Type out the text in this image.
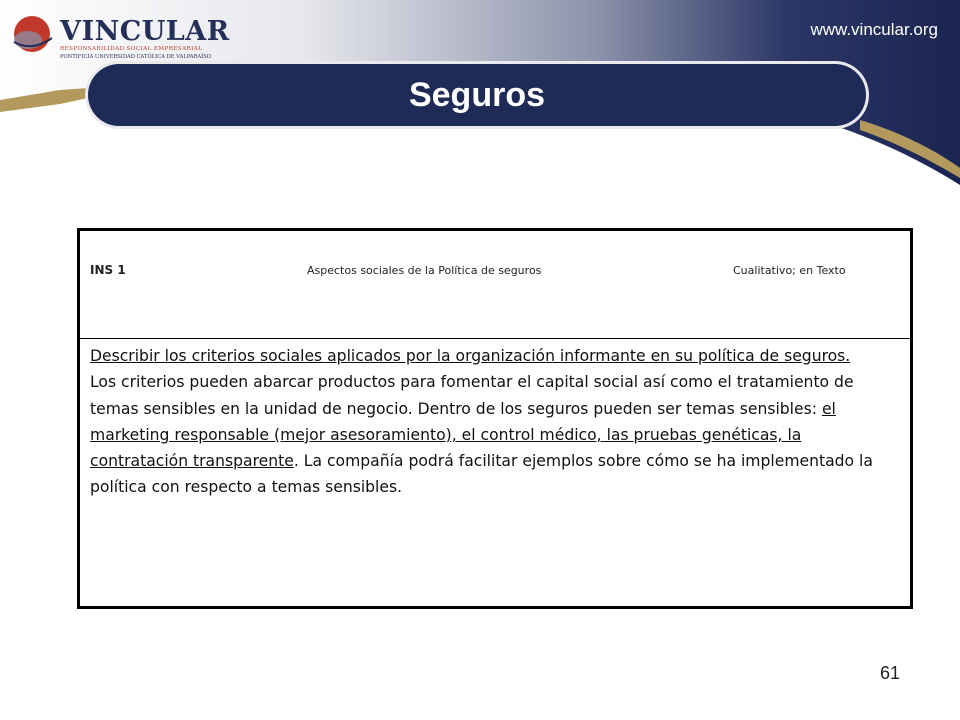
VINCULAR
RESPONSABILIDAD SOCIAL EMPRESARIAL
PONTIFICIA UNIVERSIDAD CATÓLICA DE VALPARAÍSO
www.vincular.org
Seguros
INS 1	Aspectos sociales de la Política de seguros	Cualitativo; en Texto

Describir los criterios sociales aplicados por la organización informante en su política de seguros.

Los criterios pueden abarcar productos para fomentar el capital social así como el tratamiento de temas sensibles en la unidad de negocio. Dentro de los seguros pueden ser temas sensibles: el marketing responsable (mejor asesoramiento), el control médico, las pruebas genéticas, la contratación transparente. La compañía podrá facilitar ejemplos sobre cómo se ha implementado la política con respecto a temas sensibles.

61
